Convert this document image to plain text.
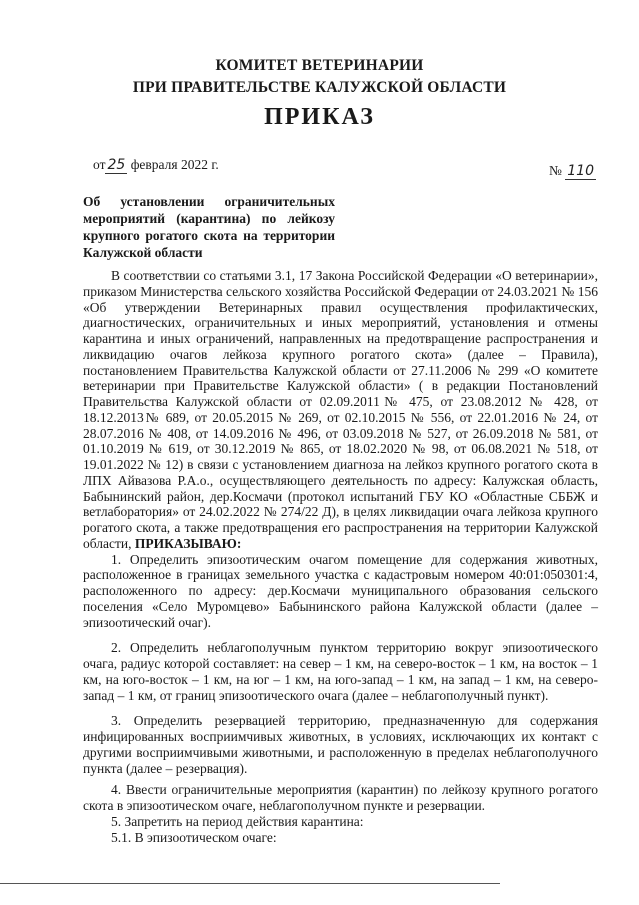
КОМИТЕТ ВЕТЕРИНАРИИ
ПРИ ПРАВИТЕЛЬСТВЕ КАЛУЖСКОЙ ОБЛАСТИ
ПРИКАЗ
от 25 февраля 2022 г.	№ 110

Об установлении ограничительных мероприятий (карантина) по лейкозу крупного рогатого скота на территории Калужской области

В соответствии со статьями 3.1, 17 Закона Российской Федерации «О ветеринарии», приказом Министерства сельского хозяйства Российской Федерации от 24.03.2021 № 156 «Об утверждении Ветеринарных правил осуществления профилактических, диагностических, ограничительных и иных мероприятий, установления и отмены карантина и иных ограничений, направленных на предотвращение распространения и ликвидацию очагов лейкоза крупного рогатого скота» (далее – Правила), постановлением Правительства Калужской области от 27.11.2006 № 299 «О комитете ветеринарии при Правительстве Калужской области» ( в редакции Постановлений Правительства Калужской области от 02.09.2011№ 475, от 23.08.2012 № 428, от 18.12.2013№ 689, от 20.05.2015 № 269, от 02.10.2015 № 556, от 22.01.2016 № 24, от 28.07.2016 № 408, от 14.09.2016 № 496, от 03.09.2018 № 527, от 26.09.2018 № 581, от 01.10.2019 № 619, от 30.12.2019 № 865, от 18.02.2020 № 98, от 06.08.2021 № 518, от 19.01.2022 № 12) в связи с установлением диагноза на лейкоз крупного рогатого скота в ЛПХ Айвазова Р.А.о., осуществляющего деятельность по адресу: Калужская область, Бабынинский район, дер.Космачи (протокол испытаний ГБУ КО «Областные СББЖ и ветлаборатория» от 24.02.2022 № 274/22 Д), в целях ликвидации очага лейкоза крупного рогатого скота, а также предотвращения его распространения на территории Калужской области, ПРИКАЗЫВАЮ:

1. Определить эпизоотическим очагом помещение для содержания животных, расположенное в границах земельного участка с кадастровым номером 40:01:050301:4, расположенного по адресу: дер.Космачи муниципального образования сельского поселения «Село Муромцево» Бабынинского района Калужской области (далее – эпизоотический очаг).

2. Определить неблагополучным пунктом территорию вокруг эпизоотического очага, радиус которой составляет: на север – 1 км, на северо-восток – 1 км, на восток – 1 км, на юго-восток – 1 км, на юг – 1 км, на юго-запад – 1 км, на запад – 1 км, на северо-запад – 1 км, от границ эпизоотического очага (далее – неблагополучный пункт).

3. Определить резервацией территорию, предназначенную для содержания инфицированных восприимчивых животных, в условиях, исключающих их контакт с другими восприимчивыми животными, и расположенную в пределах неблагополучного пункта (далее – резервация).

4. Ввести ограничительные мероприятия (карантин) по лейкозу крупного рогатого скота в эпизоотическом очаге, неблагополучном пункте и резервации.

5. Запретить на период действия карантина:

5.1. В эпизоотическом очаге:
